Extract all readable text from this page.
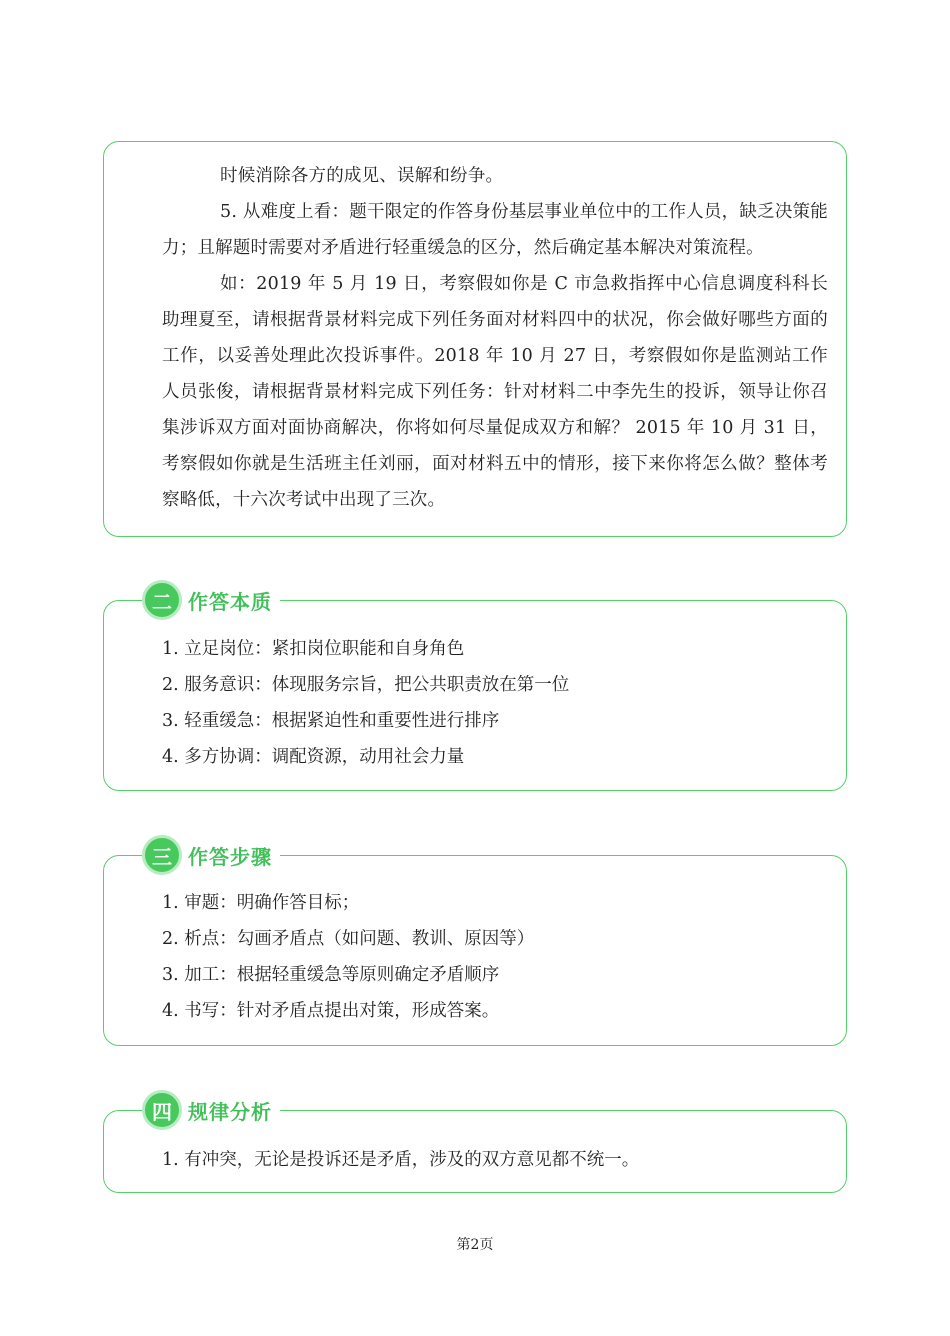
时候消除各方的成见、误解和纷争。

5. 从难度上看：题干限定的作答身份基层事业单位中的工作人员，缺乏决策能力；且解题时需要对矛盾进行轻重缓急的区分，然后确定基本解决对策流程。

如：2019 年 5 月 19 日，考察假如你是 C 市急救指挥中心信息调度科科长助理夏至，请根据背景材料完成下列任务面对材料四中的状况，你会做好哪些方面的工作，以妥善处理此次投诉事件。2018 年 10 月 27 日，考察假如你是监测站工作人员张俊，请根据背景材料完成下列任务：针对材料二中李先生的投诉，领导让你召集涉诉双方面对面协商解决，你将如何尽量促成双方和解？ 2015 年 10 月 31 日，考察假如你就是生活班主任刘丽，面对材料五中的情形，接下来你将怎么做？整体考察略低，十六次考试中出现了三次。

1. 立足岗位：紧扣岗位职能和自身角色
2. 服务意识：体现服务宗旨，把公共职责放在第一位
3. 轻重缓急：根据紧迫性和重要性进行排序
4. 多方协调：调配资源，动用社会力量
二 作答本质
1. 审题：明确作答目标；
2. 析点：勾画矛盾点（如问题、教训、原因等）
3. 加工：根据轻重缓急等原则确定矛盾顺序
4. 书写：针对矛盾点提出对策，形成答案。
三 作答步骤
1. 有冲突，无论是投诉还是矛盾，涉及的双方意见都不统一。
四 规律分析
第2页
